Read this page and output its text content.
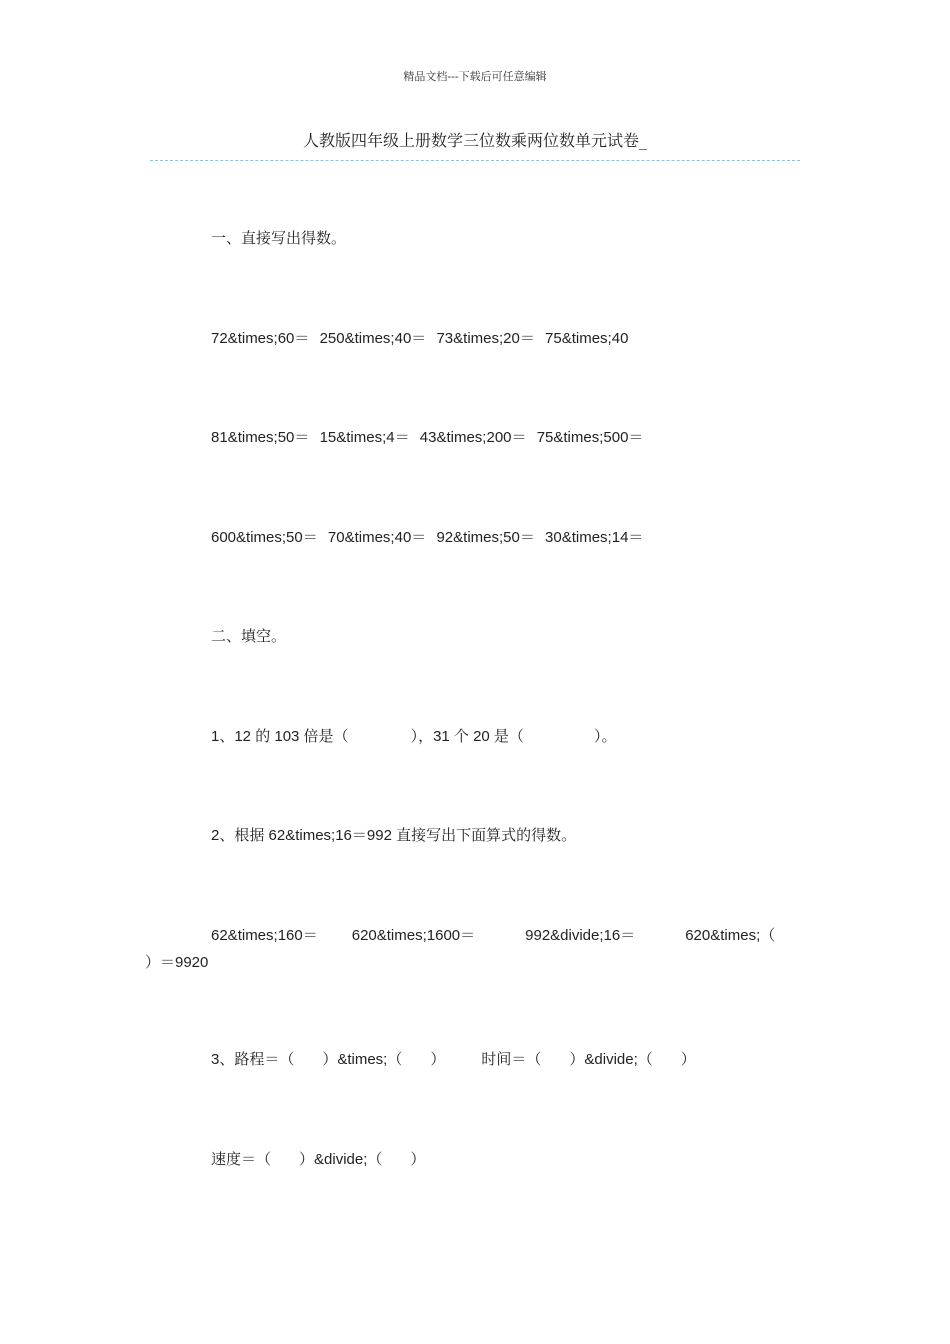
精品文档---下载后可任意编辑
人教版四年级上册数学三位数乘两位数单元试卷_
一、直接写出得数。
72&times;60＝ 250&times;40＝ 73&times;20＝ 75&times;40
81&times;50＝ 15&times;4＝ 43&times;200＝ 75&times;500＝
600&times;50＝ 70&times;40＝ 92&times;50＝ 30&times;14＝
二、填空。
1、12 的 103 倍是（	），31 个 20 是（	）。
2、根据 62&times;16＝992 直接写出下面算式的得数。
62&times;160＝ 620&times;1600＝	992&divide;16＝	620&times;（
）＝9920
3、路程＝（ ）&times;（ ） 时间＝（ ）&divide;（ ）
速度＝（ ）&divide;（ ）
